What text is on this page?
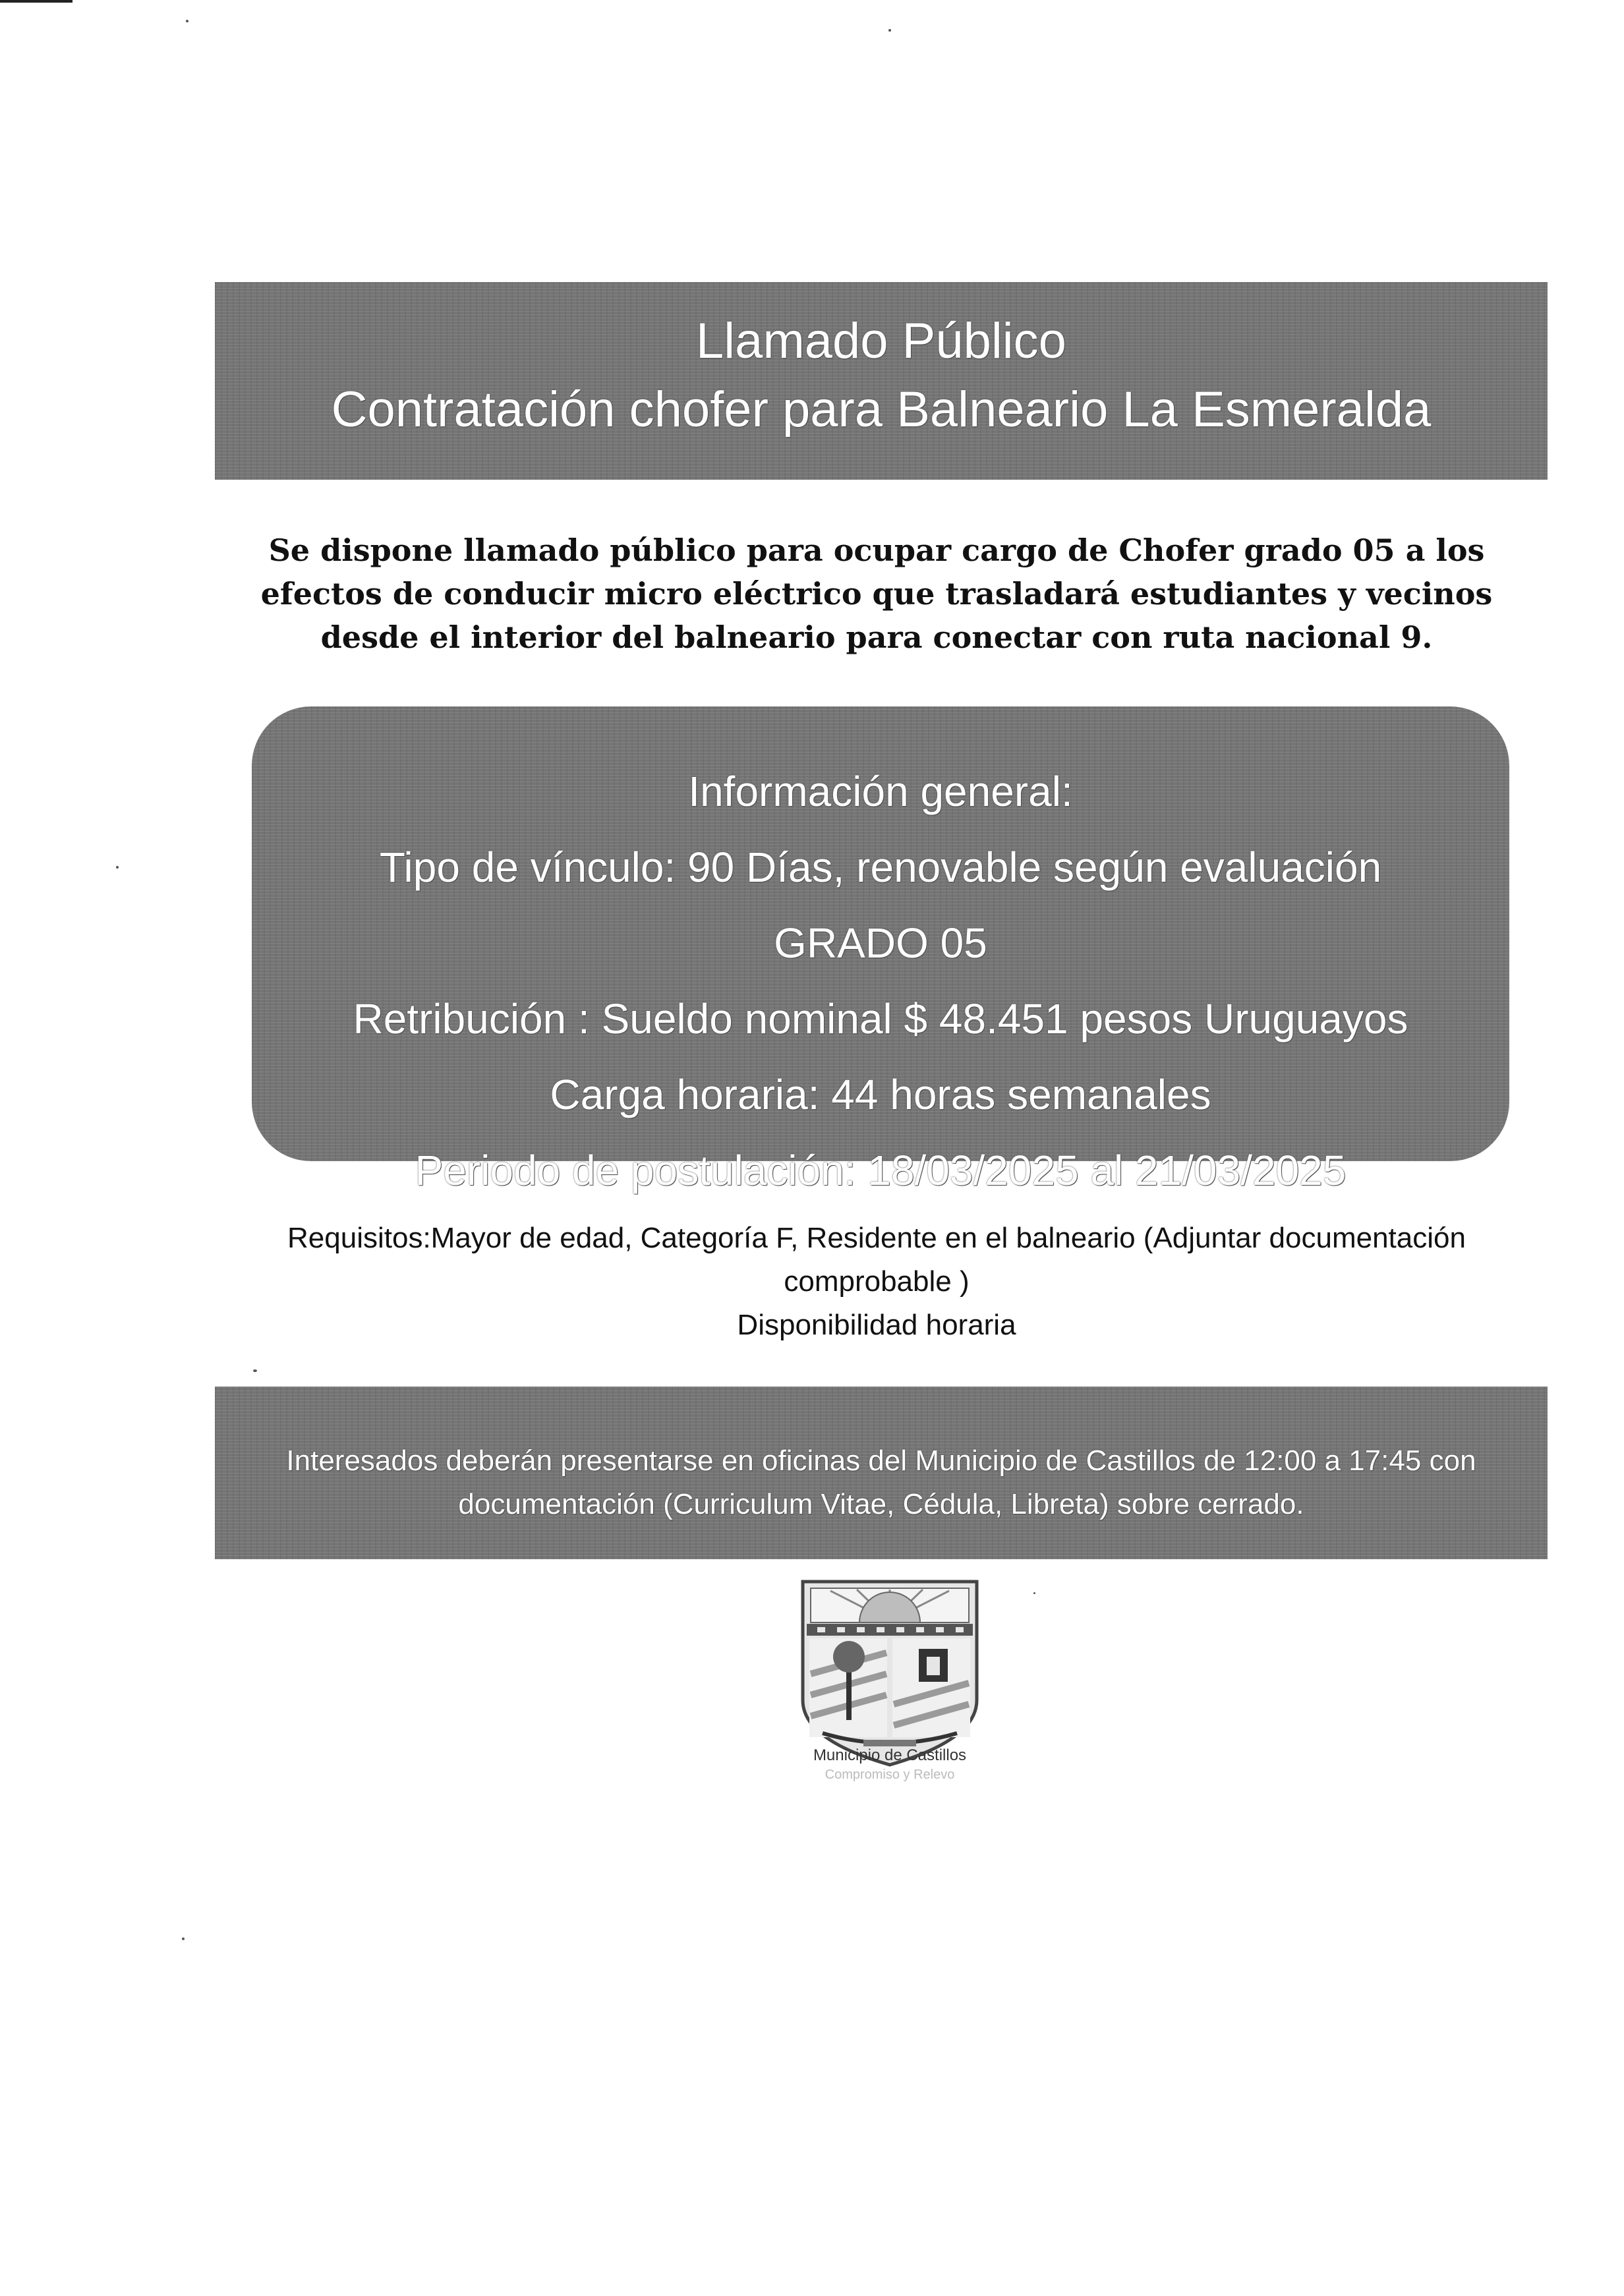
Llamado Público
Contratación chofer para Balneario La Esmeralda
Se dispone llamado público para ocupar cargo de Chofer grado 05 a los efectos de conducir micro eléctrico que trasladará estudiantes y vecinos desde el interior del balneario para conectar con ruta nacional 9.
Información general:
Tipo de vínculo: 90 Días, renovable según evaluación
GRADO 05
Retribución : Sueldo nominal $ 48.451 pesos Uruguayos
Carga horaria: 44 horas semanales
Periodo de postulación: 18/03/2025 al 21/03/2025
Requisitos:Mayor de edad, Categoría F, Residente en el balneario (Adjuntar documentación
comprobable )
Disponibilidad horaria
Interesados deberán presentarse en oficinas del Municipio de Castillos de 12:00 a 17:45 con
documentación (Curriculum Vitae, Cédula, Libreta) sobre cerrado.
Municipio de Castillos
Compromiso y Relevo
